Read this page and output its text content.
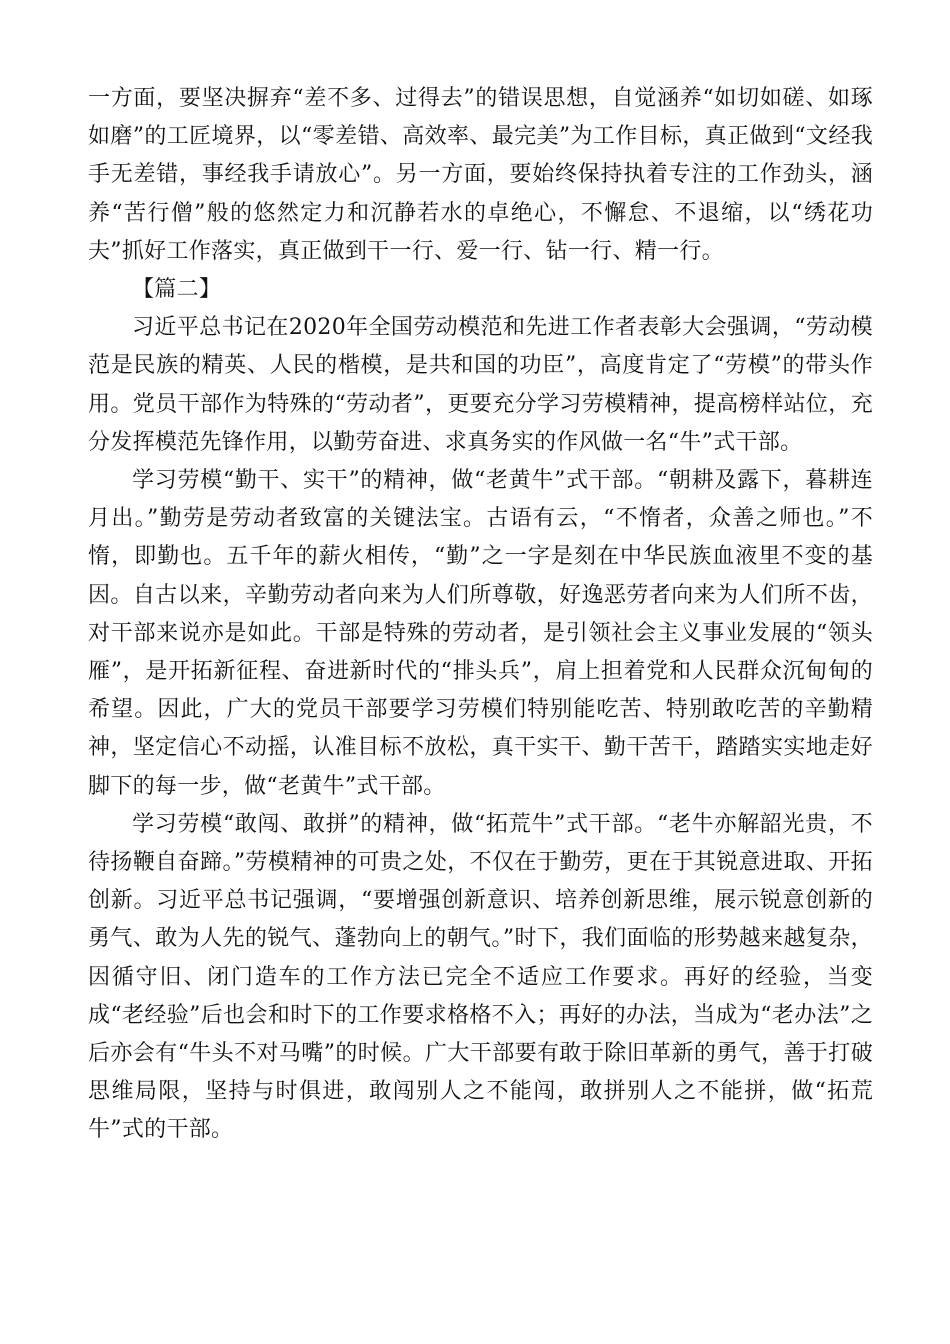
一方面，要坚决摒弃“差不多、过得去”的错误思想，自觉涵养“如切如磋、如琢如磨”的工匠境界，以“零差错、高效率、最完美”为工作目标，真正做到“文经我手无差错，事经我手请放心”。另一方面，要始终保持执着专注的工作劲头，涵养“苦行僧”般的悠然定力和沉静若水的卓绝心，不懈怠、不退缩，以“绣花功夫”抓好工作落实，真正做到干一行、爱一行、钻一行、精一行。

【篇二】

习近平总书记在2020年全国劳动模范和先进工作者表彰大会强调，“劳动模范是民族的精英、人民的楷模，是共和国的功臣”，高度肯定了“劳模”的带头作用。党员干部作为特殊的“劳动者”，更要充分学习劳模精神，提高榜样站位，充分发挥模范先锋作用，以勤劳奋进、求真务实的作风做一名“牛”式干部。

学习劳模“勤干、实干”的精神，做“老黄牛”式干部。“朝耕及露下，暮耕连月出。”勤劳是劳动者致富的关键法宝。古语有云，“不惰者，众善之师也。”不惰，即勤也。五千年的薪火相传，“勤”之一字是刻在中华民族血液里不变的基因。自古以来，辛勤劳动者向来为人们所尊敬，好逸恶劳者向来为人们所不齿，对干部来说亦是如此。干部是特殊的劳动者，是引领社会主义事业发展的“领头雁”，是开拓新征程、奋进新时代的“排头兵”，肩上担着党和人民群众沉甸甸的希望。因此，广大的党员干部要学习劳模们特别能吃苦、特别敢吃苦的辛勤精神，坚定信心不动摇，认准目标不放松，真干实干、勤干苦干，踏踏实实地走好脚下的每一步，做“老黄牛”式干部。

学习劳模“敢闯、敢拼”的精神，做“拓荒牛”式干部。“老牛亦解韶光贵，不待扬鞭自奋蹄。”劳模精神的可贵之处，不仅在于勤劳，更在于其锐意进取、开拓创新。习近平总书记强调，“要增强创新意识、培养创新思维，展示锐意创新的勇气、敢为人先的锐气、蓬勃向上的朝气。”时下，我们面临的形势越来越复杂，因循守旧、闭门造车的工作方法已完全不适应工作要求。再好的经验，当变成“老经验”后也会和时下的工作要求格格不入；再好的办法，当成为“老办法”之后亦会有“牛头不对马嘴”的时候。广大干部要有敢于除旧革新的勇气，善于打破思维局限，坚持与时俱进，敢闯别人之不能闯，敢拼别人之不能拼，做“拓荒牛”式的干部。
